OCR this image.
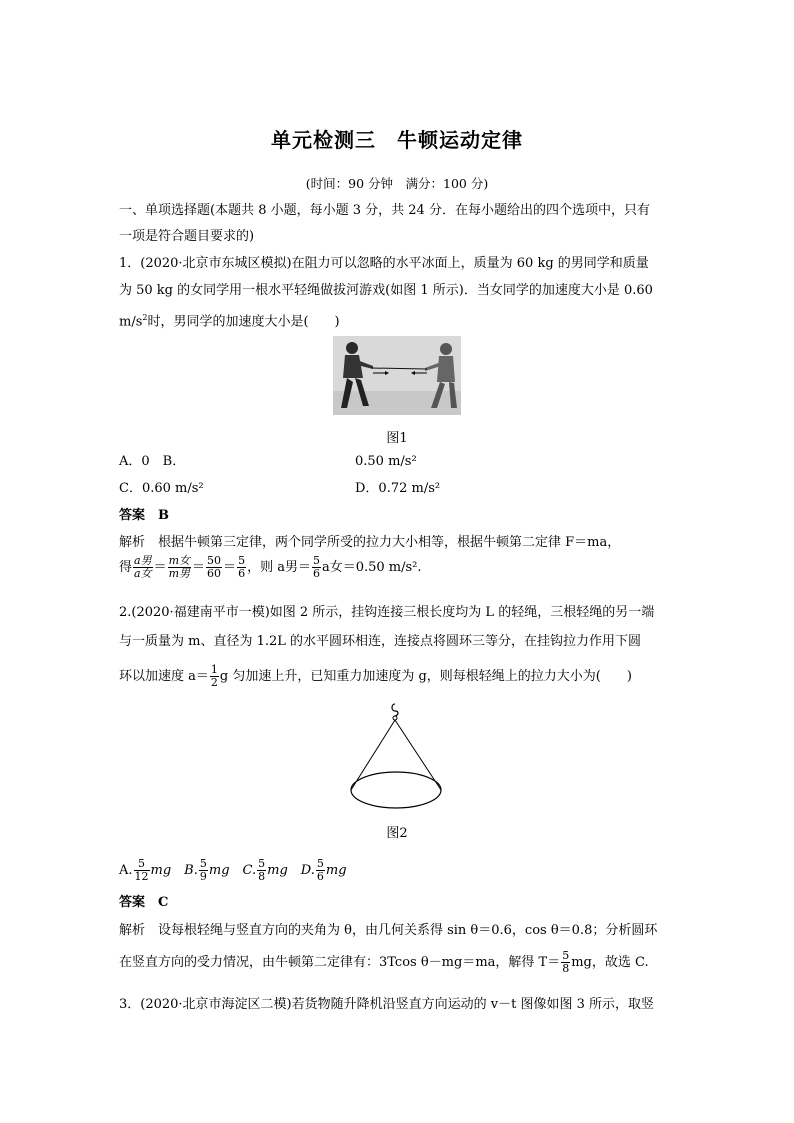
单元检测三　牛顿运动定律
(时间：90 分钟　满分：100 分)
一、单项选择题(本题共 8 小题，每小题 3 分，共 24 分．在每小题给出的四个选项中，只有
一项是符合题目要求的)
1．(2020·北京市东城区模拟)在阻力可以忽略的水平冰面上，质量为 60 kg 的男同学和质量
为 50 kg 的女同学用一根水平轻绳做拔河游戏(如图 1 所示)．当女同学的加速度大小是 0.60
$m/s^2$时，男同学的加速度大小是(　　)
图1
A．0　B．	0.50 m/s²
C．0.60 m/s²	D．0.72 m/s²
答案　B
解析　根据牛顿第三定律，两个同学所受的拉力大小相等，根据牛顿第二定律 F＝ma，
得 $\frac{\text{a男}}{\text{a女}} = \frac{\text{m女}}{\text{m男}} = \frac{50}{60} = \frac{5}{6}$ ，则 a男＝ $\frac{5}{6}$ a女＝0.50 m/s².
2.(2020·福建南平市一模)如图 2 所示，挂钩连接三根长度均为 L 的轻绳，三根轻绳的另一端
与一质量为 m、直径为 1.2L 的水平圆环相连，连接点将圆环三等分，在挂钩拉力作用下圆
环以加速度 $a= \frac{1}{2}$ g 匀加速上升，已知重力加速度为 g，则每根轻绳上的拉力大小为(　　)
图2
A. $\frac{5}{12}$ mg　B. $\frac{5}{9}$ mg　C. $\frac{5}{8}$ mg　D. $\frac{5}{6}$ mg
答案　C
解析　设每根轻绳与竖直方向的夹角为 θ，由几何关系得 sin θ＝0.6，cos θ＝0.8；分析圆环
在竖直方向的受力情况，由牛顿第二定律有：3Tcos θ－mg＝ma，解得 $T= \frac{5}{8}$ mg，故选 C.
3．(2020·北京市海淀区二模)若货物随升降机沿竖直方向运动的 v－t 图像如图 3 所示，取竖
